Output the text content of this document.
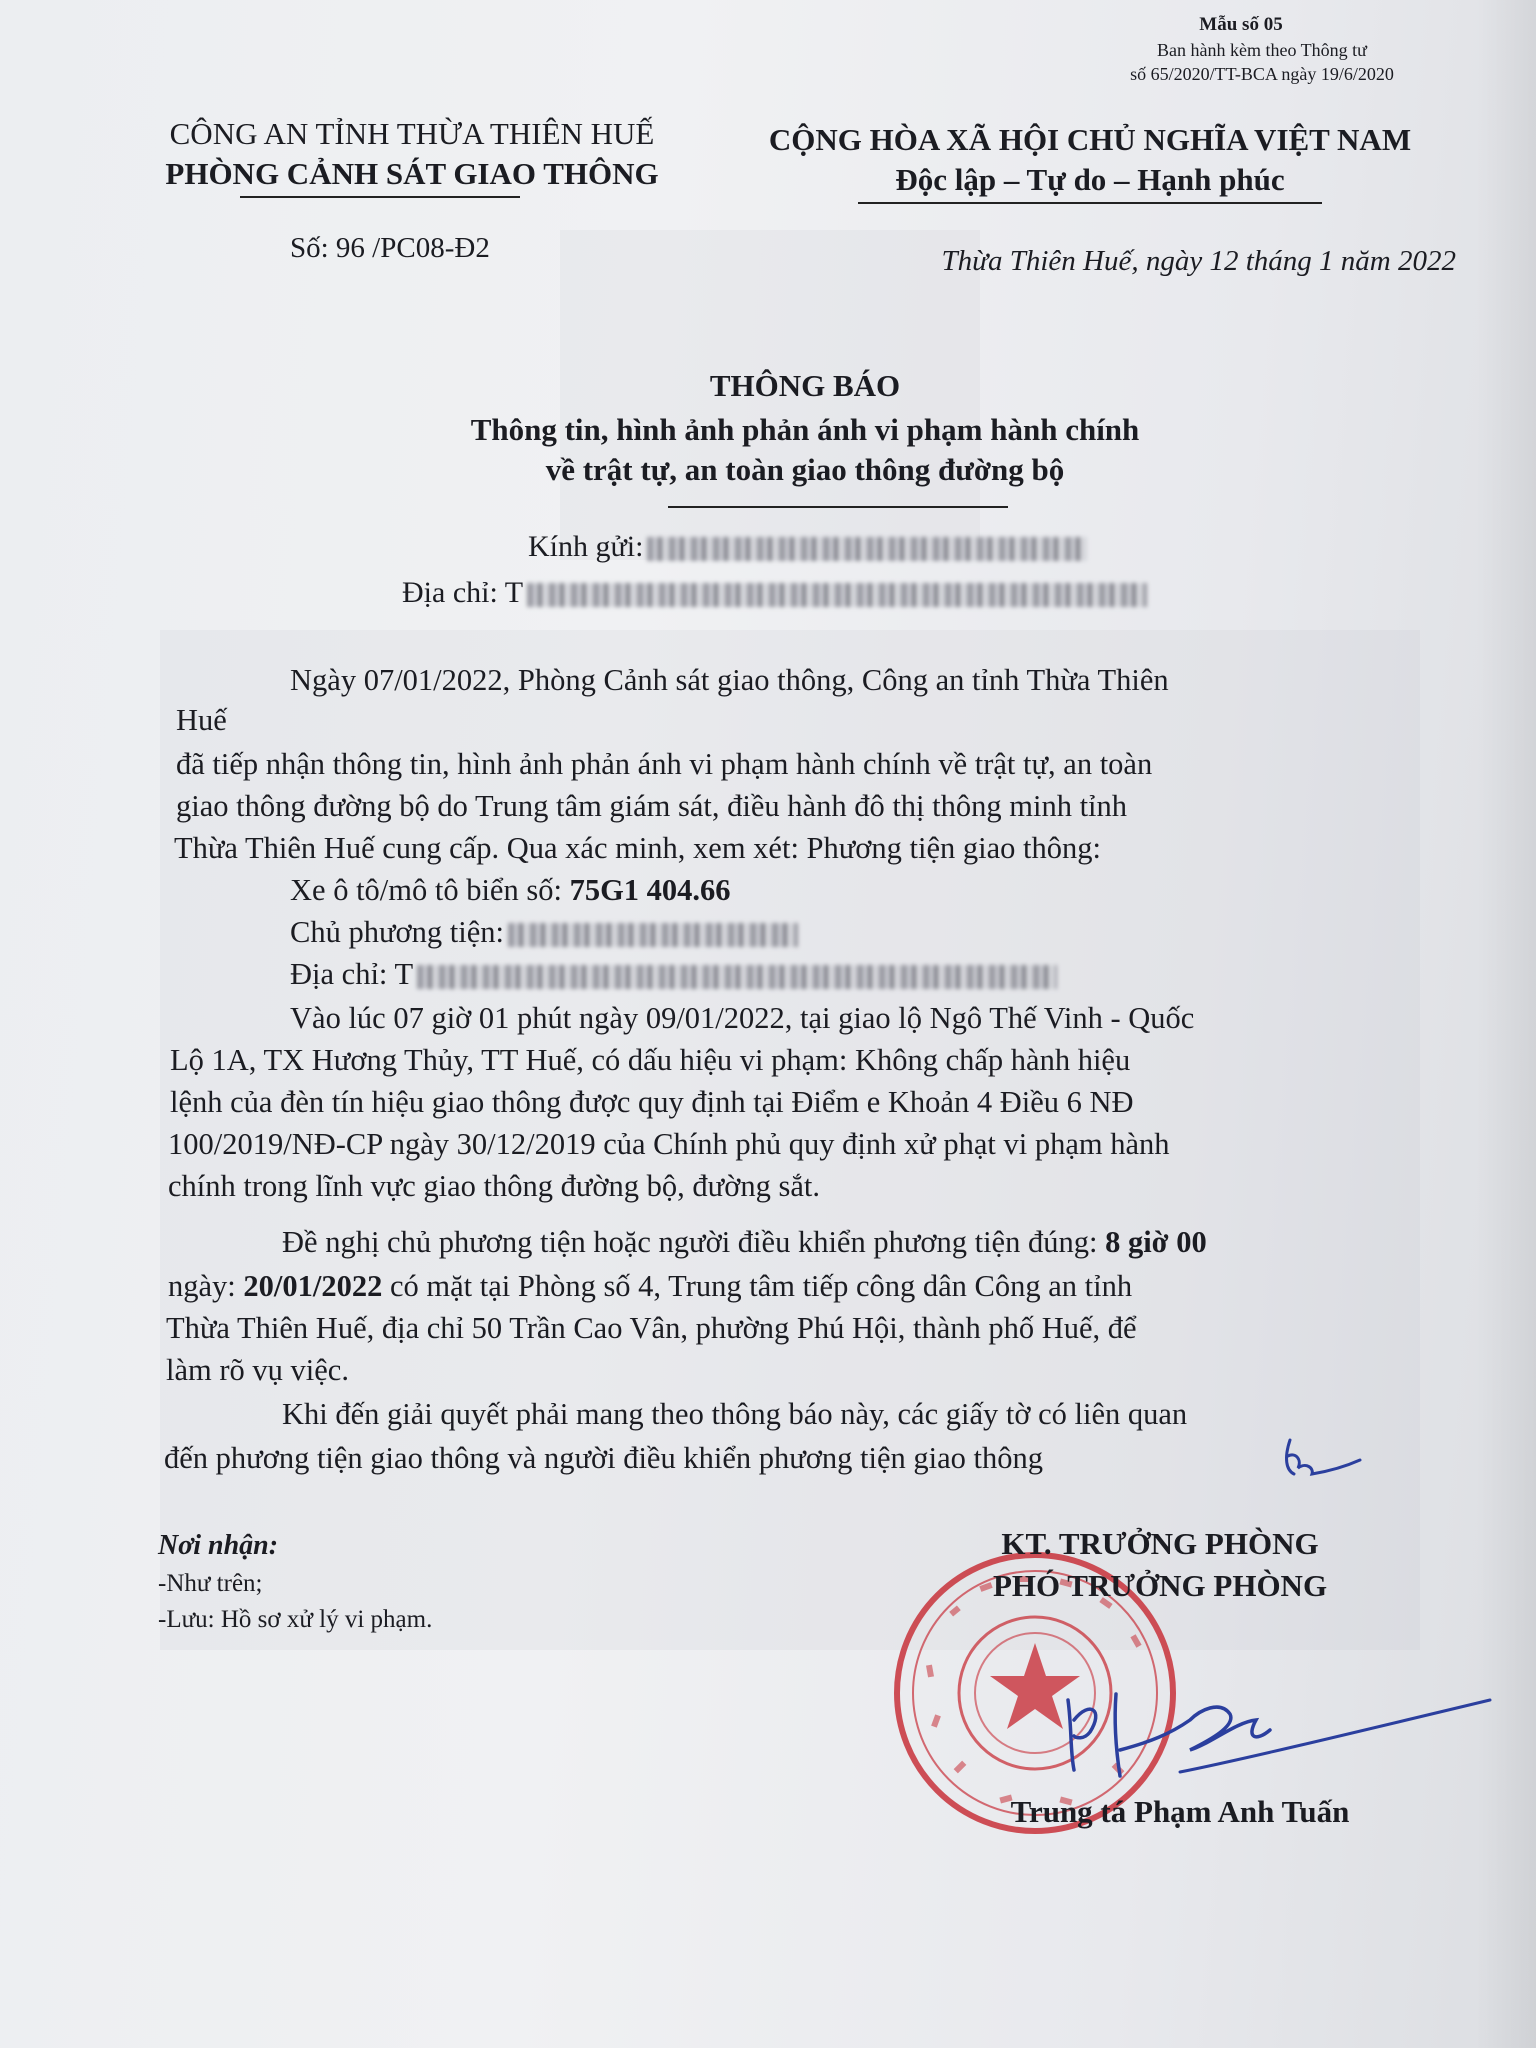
Mẫu số 05
Ban hành kèm theo Thông tư
số 65/2020/TT-BCA ngày 19/6/2020
CÔNG AN TỈNH THỪA THIÊN HUẾ
PHÒNG CẢNH SÁT GIAO THÔNG
CỘNG HÒA XÃ HỘI CHỦ NGHĨA VIỆT NAM
Độc lập – Tự do – Hạnh phúc
Số: 96 /PC08-Đ2	Thừa Thiên Huế, ngày 12 tháng 1 năm 2022
THÔNG BÁO
Thông tin, hình ảnh phản ánh vi phạm hành chính
về trật tự, an toàn giao thông đường bộ
Kính gửi:
Địa chỉ: T
Ngày 07/01/2022, Phòng Cảnh sát giao thông, Công an tỉnh Thừa Thiên
Huế
đã tiếp nhận thông tin, hình ảnh phản ánh vi phạm hành chính về trật tự, an toàn
giao thông đường bộ do Trung tâm giám sát, điều hành đô thị thông minh tỉnh
Thừa Thiên Huế cung cấp. Qua xác minh, xem xét: Phương tiện giao thông:
Xe ô tô/mô tô biển số: 75G1 404.66
Chủ phương tiện:
Địa chỉ: T
Vào lúc 07 giờ 01 phút ngày 09/01/2022, tại giao lộ Ngô Thế Vinh - Quốc
Lộ 1A, TX Hương Thủy, TT Huế, có dấu hiệu vi phạm: Không chấp hành hiệu
lệnh của đèn tín hiệu giao thông được quy định tại Điểm e Khoản 4 Điều 6 NĐ
100/2019/NĐ-CP ngày 30/12/2019 của Chính phủ quy định xử phạt vi phạm hành
chính trong lĩnh vực giao thông đường bộ, đường sắt.
Đề nghị chủ phương tiện hoặc người điều khiển phương tiện đúng: 8 giờ 00
ngày: 20/01/2022 có mặt tại Phòng số 4, Trung tâm tiếp công dân Công an tỉnh
Thừa Thiên Huế, địa chỉ 50 Trần Cao Vân, phường Phú Hội, thành phố Huế, để
làm rõ vụ việc.
Khi đến giải quyết phải mang theo thông báo này, các giấy tờ có liên quan
đến phương tiện giao thông và người điều khiển phương tiện giao thông
Nơi nhận:
-Như trên;
-Lưu: Hồ sơ xử lý vi phạm.
KT. TRƯỞNG PHÒNG
PHÓ TRƯỞNG PHÒNG
Trung tá Phạm Anh Tuấn
